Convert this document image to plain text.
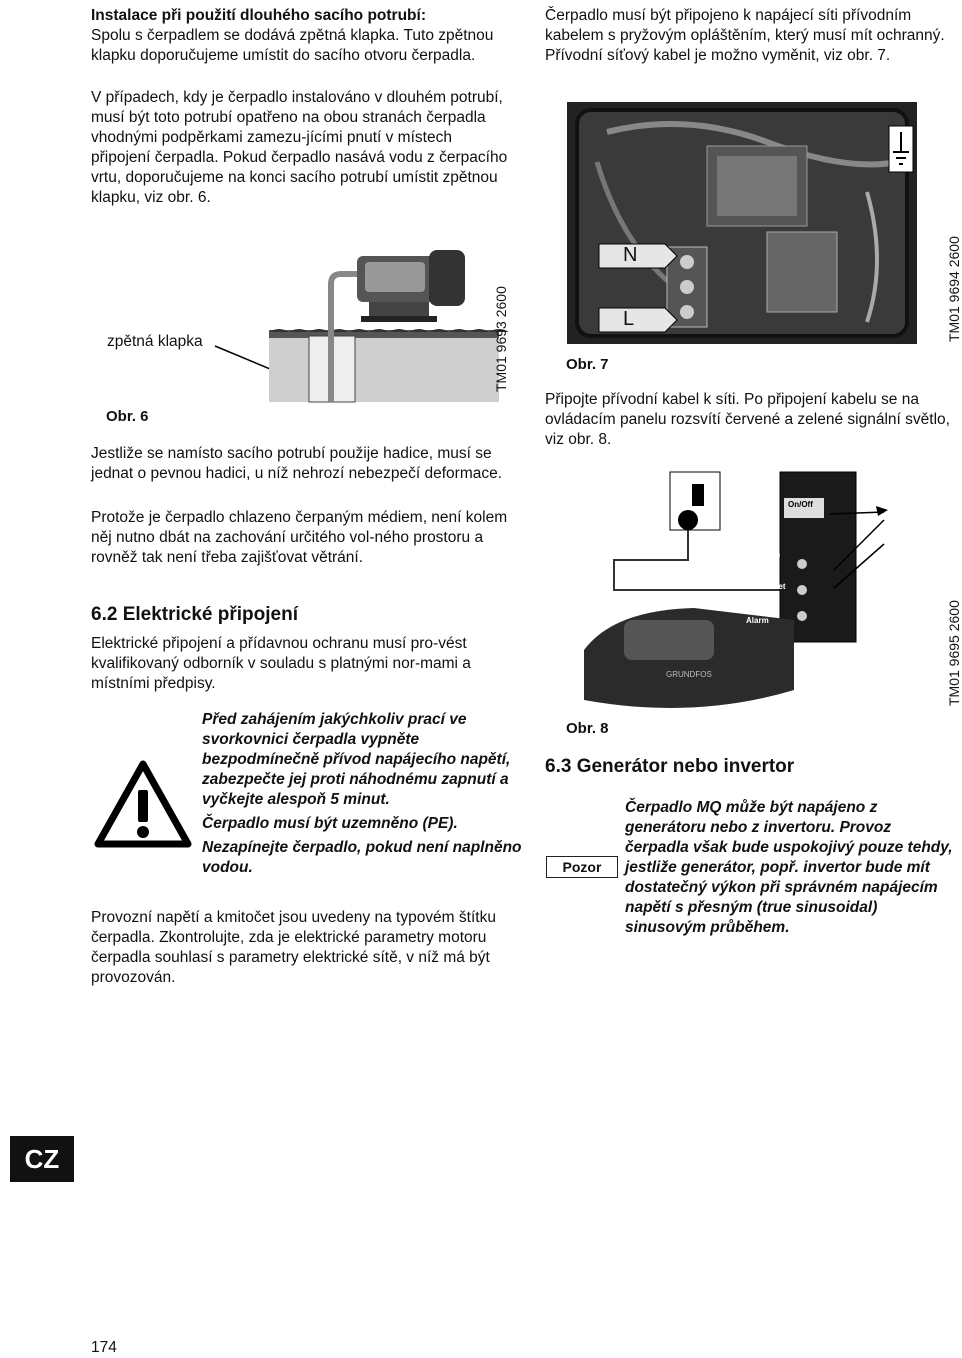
Instalace při použití dlouhého sacího potrubí:

Spolu s čerpadlem se dodává zpětná klapka. Tuto zpětnou klapku doporučujeme umístit do sacího otvoru čerpadla.

V případech, kdy je čerpadlo instalováno v dlouhém potrubí, musí být toto potrubí opatřeno na obou stranách čerpadla vhodnými podpěrkami zamezu-jícími pnutí v místech připojení čerpadla. Pokud čerpadlo nasává vodu z čerpacího vrtu, doporučujeme na konci sacího potrubí umístit zpětnou klapku, viz obr. 6.

zpětná klapka
Obr. 6
TM01 9693 2600

Jestliže se namísto sacího potrubí použije hadice, musí se jednat o pevnou hadici, u níž nehrozí nebezpečí deformace.

Protože je čerpadlo chlazeno čerpaným médiem, není kolem něj nutno dbát na zachování určitého vol-ného prostoru a rovněž tak není třeba zajišťovat větrání.

6.2 Elektrické připojení

Elektrické připojení a přídavnou ochranu musí pro-vést kvalifikovaný odborník v souladu s platnými nor-mami a místními předpisy.

Před zahájením jakýchkoliv prací ve svorkovnici čerpadla vypněte bezpodmínečně přívod napájecího napětí, zabezpečte jej proti náhodnému zapnutí a vyčkejte alespoň 5 minut.

Čerpadlo musí být uzemněno (PE).

Nezapínejte čerpadlo, pokud není naplněno vodou.

Provozní napětí a kmitočet jsou uvedeny na typovém štítku čerpadla. Zkontrolujte, zda je elektrické parametry motoru čerpadla souhlasí s parametry elektrické sítě, v níž má být provozován.

Čerpadlo musí být připojeno k napájecí síti přívodním kabelem s pryžovým opláštěním, který musí mít ochranný. Přívodní síťový kabel je možno vyměnit, viz obr. 7.

N
L
Obr. 7
TM01 9694 2600

Připojte přívodní kabel k síti. Po připojení kabelu se na ovládacím panelu rozsvítí červené a zelené signální světlo, viz obr. 8.

On/Off
Pump on
Auto reset
Alarm
GRUNDFOS
Obr. 8
TM01 9695 2600
6.3 Generátor nebo invertor
Pozor

Čerpadlo MQ může být napájeno z generátoru nebo z invertoru. Provoz čerpadla však bude uspokojivý pouze tehdy, jestliže generátor, popř. invertor bude mít dostatečný výkon při správném napájecím napětí s přesným (true sinusoidal) sinusovým průběhem.

CZ
174
